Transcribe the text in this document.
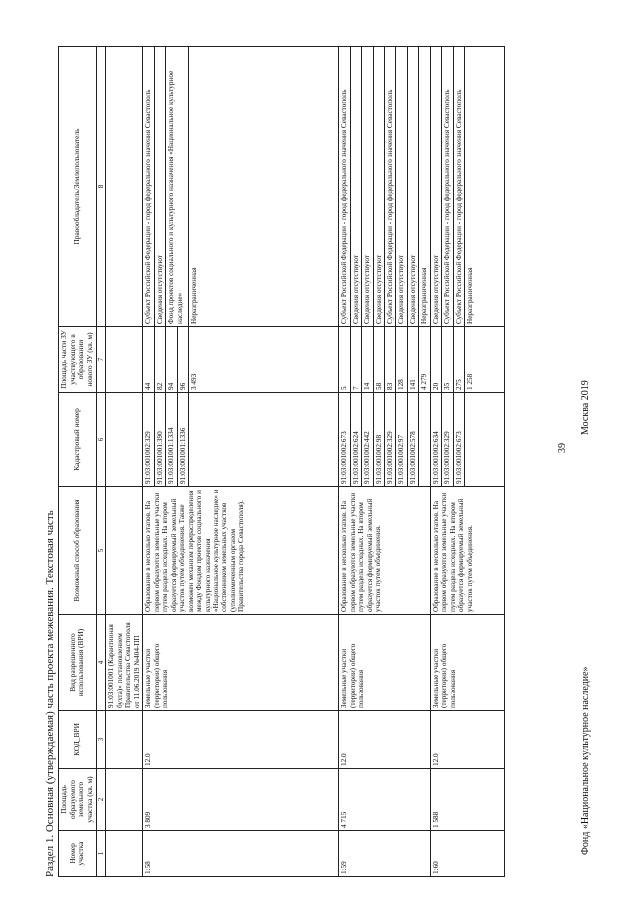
Раздел 1. Основная (утверждаемая) часть проекта межевания. Текстовая часть Номер участка	Площадь образуемого земельного участка (кв. м)	КОД_ВРИ	Вид разрешенного использования (ВРИ)	Возможный способ образования	Кадастровый номер	Площадь части ЗУ участвующего в образовании нового ЗУ (кв. м)	Правообладатель/Землепользователь
1	2	3	4	5	6	7	8
			91:03:001001 (Карантинная бухта)» постановлением Правительства Севастополя от 11.06.2019 №404-ПП				
1:58	3 809	12.0	Земельные участки (территории) общего пользования	Образование в несколько этапов. На первом образуются земельные участки путем раздела исходных. На втором образуется формируемый земельный участок путем объединения. Также возможен механизм перераспределения между Фондом проектов социального и культурного назначения «Национальное культурное наследие» и собственником земельных участков (уполномоченным органом Правительства города Севастополя).	91:03:001002:329	44	Субъект Российской Федерации - город федерального значения Севастополь
					91:03:001001:390	82	Сведения отсутствуют
					91:03:001001:1334	94	Фонд проектов социального и культурного назначения «Национальное культурное наследие»
					91:03:001001:1336	96	
						3 493	Неразграниченная
1:59	4 715	12.0	Земельные участки (территории) общего пользования	Образование в несколько этапов. На первом образуются земельные участки путем раздела исходных. На втором образуется формируемый земельный участок путем объединения.	91:03:001002:673	5	Субъект Российской Федерации - город федерального значения Севастополь
					91:03:001002:624	7	Сведения отсутствуют
					91:03:001002:442	14	Сведения отсутствуют
					91:03:001002:98	58	Сведения отсутствуют
					91:03:001002:329	83	Субъект Российской Федерации - город федерального значения Севастополь
					91:03:001002:97	128	Сведения отсутствуют
					91:03:001002:578	141	Сведения отсутствуют
						4 279	Неразграниченная
1:60	1 588	12.0	Земельные участки (территории) общего пользования	Образование в несколько этапов. На первом образуются земельные участки путем раздела исходных. На втором образуется формируемый земельный участок путем объединения.	91:03:001002:634	20	Сведения отсутствуют
					91:03:001002:329	35	Субъект Российской Федерации - город федерального значения Севастополь
					91:03:001002:673	275	Субъект Российской Федерации - город федерального значения Севастополь
						1 258	Неразграниченная
39
Фонд «Национальное культурное наследие»
Москва 2019
